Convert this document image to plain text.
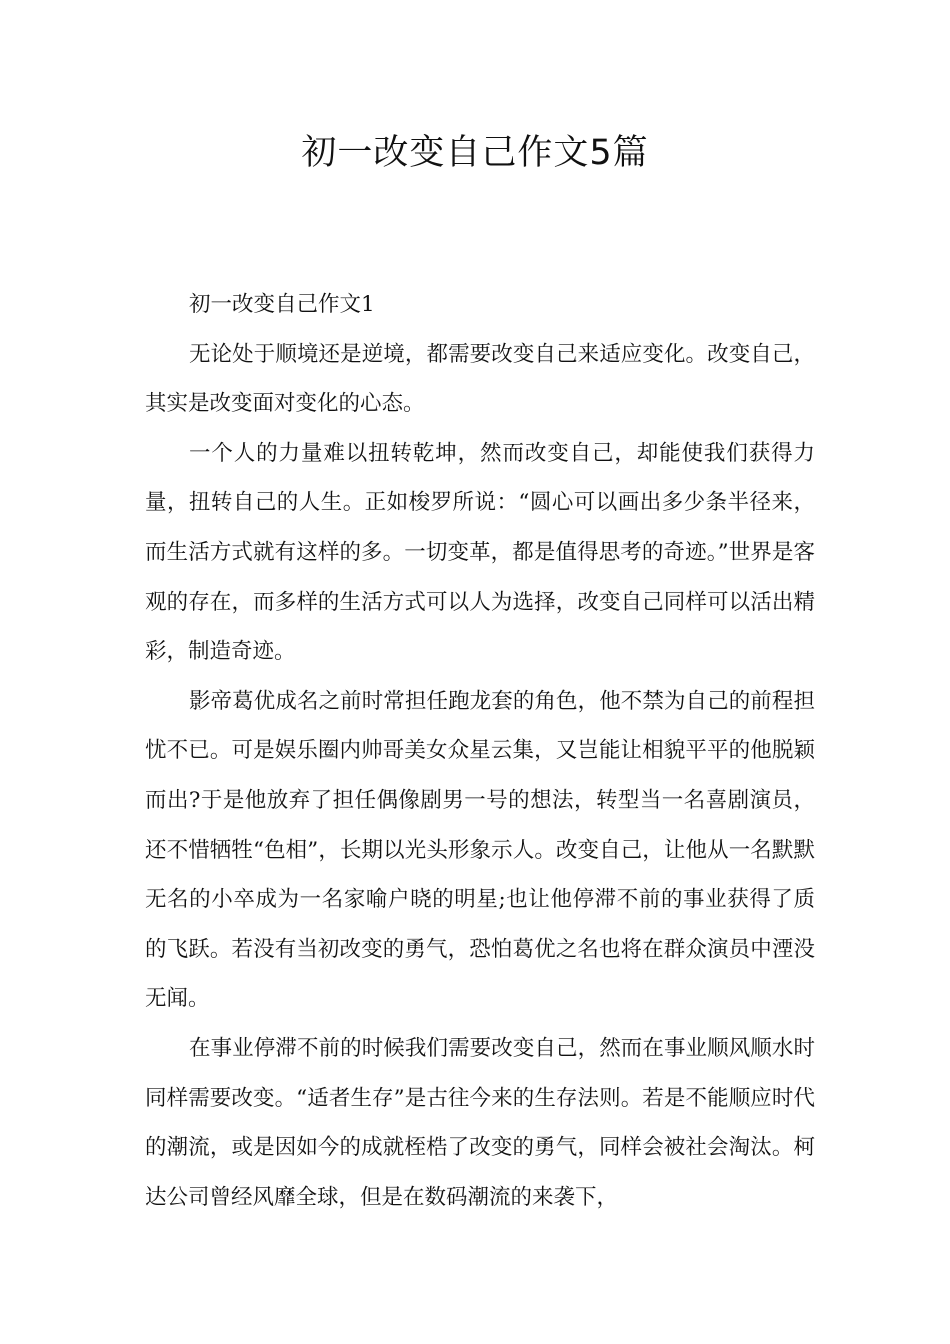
初一改变自己作文5篇

初一改变自己作文1

无论处于顺境还是逆境，都需要改变自己来适应变化。改变自己，其实是改变面对变化的心态。

一个人的力量难以扭转乾坤，然而改变自己，却能使我们获得力量，扭转自己的人生。正如梭罗所说：“圆心可以画出多少条半径来，而生活方式就有这样的多。一切变革，都是值得思考的奇迹。”世界是客观的存在，而多样的生活方式可以人为选择，改变自己同样可以活出精彩，制造奇迹。

影帝葛优成名之前时常担任跑龙套的角色，他不禁为自己的前程担忧不已。可是娱乐圈内帅哥美女众星云集，又岂能让相貌平平的他脱颖而出?于是他放弃了担任偶像剧男一号的想法，转型当一名喜剧演员，还不惜牺牲“色相”，长期以光头形象示人。改变自己，让他从一名默默无名的小卒成为一名家喻户晓的明星;也让他停滞不前的事业获得了质的飞跃。若没有当初改变的勇气，恐怕葛优之名也将在群众演员中湮没无闻。

在事业停滞不前的时候我们需要改变自己，然而在事业顺风顺水时同样需要改变。“适者生存”是古往今来的生存法则。若是不能顺应时代的潮流，或是因如今的成就桎梏了改变的勇气，同样会被社会淘汰。柯达公司曾经风靡全球，但是在数码潮流的来袭下，
